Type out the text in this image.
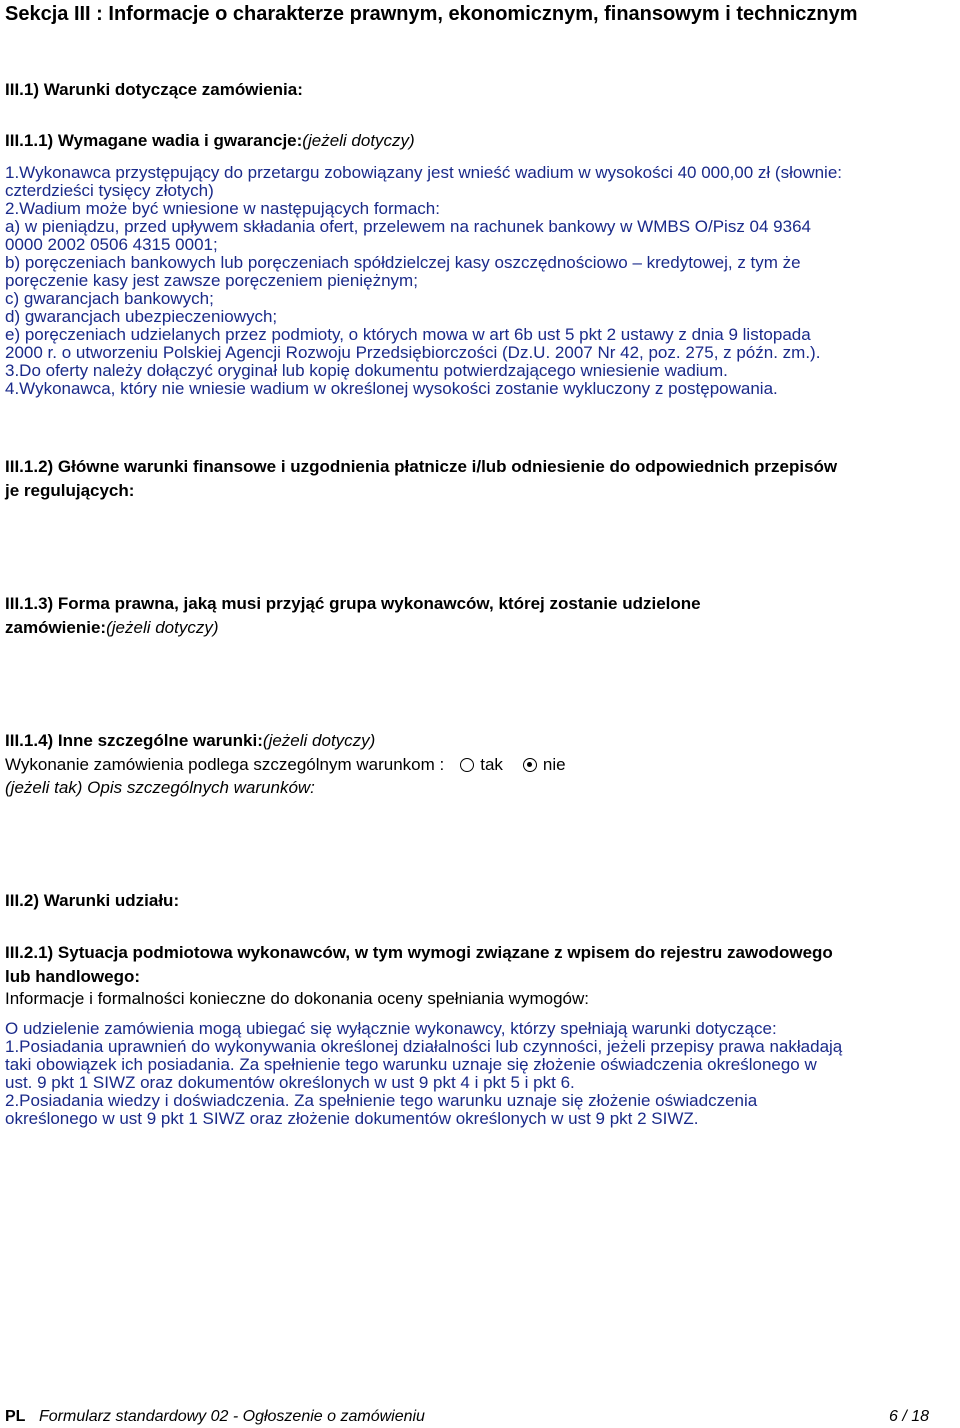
Sekcja III : Informacje o charakterze prawnym, ekonomicznym, finansowym i technicznym
III.1) Warunki dotyczące zamówienia:
III.1.1) Wymagane wadia i gwarancje:(jeżeli dotyczy)
1.Wykonawca przystępujący do przetargu zobowiązany jest wnieść wadium w wysokości 40 000,00 zł (słownie:
czterdzieści tysięcy złotych)
2.Wadium może być wniesione w następujących formach:
a) w pieniądzu, przed upływem składania ofert, przelewem na rachunek bankowy w WMBS O/Pisz 04 9364
0000 2002 0506 4315 0001;
b) poręczeniach bankowych lub poręczeniach spółdzielczej kasy oszczędnościowo – kredytowej, z tym że
poręczenie kasy jest zawsze poręczeniem pieniężnym;
c) gwarancjach bankowych;
d) gwarancjach ubezpieczeniowych;
e) poręczeniach udzielanych przez podmioty, o których mowa w art 6b ust 5 pkt 2 ustawy z dnia 9 listopada
2000 r. o utworzeniu Polskiej Agencji Rozwoju Przedsiębiorczości (Dz.U. 2007 Nr 42, poz. 275, z późn. zm.).
3.Do oferty należy dołączyć oryginał lub kopię dokumentu potwierdzającego wniesienie wadium.
4.Wykonawca, który nie wniesie wadium w określonej wysokości zostanie wykluczony z postępowania.
III.1.2) Główne warunki finansowe i uzgodnienia płatnicze i/lub odniesienie do odpowiednich przepisów
je regulujących:
III.1.3) Forma prawna, jaką musi przyjąć grupa wykonawców, której zostanie udzielone
zamówienie:(jeżeli dotyczy)
III.1.4) Inne szczególne warunki:(jeżeli dotyczy)
Wykonanie zamówienia podlega szczególnym warunkom : tak nie
(jeżeli tak) Opis szczególnych warunków:
III.2) Warunki udziału:
III.2.1) Sytuacja podmiotowa wykonawców, w tym wymogi związane z wpisem do rejestru zawodowego
lub handlowego:
Informacje i formalności konieczne do dokonania oceny spełniania wymogów:
O udzielenie zamówienia mogą ubiegać się wyłącznie wykonawcy, którzy spełniają warunki dotyczące:
1.Posiadania uprawnień do wykonywania określonej działalności lub czynności, jeżeli przepisy prawa nakładają
taki obowiązek ich posiadania. Za spełnienie tego warunku uznaje się złożenie oświadczenia określonego w
ust. 9 pkt 1 SIWZ oraz dokumentów określonych w ust 9 pkt 4 i pkt 5 i pkt 6.
2.Posiadania wiedzy i doświadczenia. Za spełnienie tego warunku uznaje się złożenie oświadczenia
określonego w ust 9 pkt 1 SIWZ oraz złożenie dokumentów określonych w ust 9 pkt 2 SIWZ.
PL Formularz standardowy 02 - Ogłoszenie o zamówieniu	6 / 18
